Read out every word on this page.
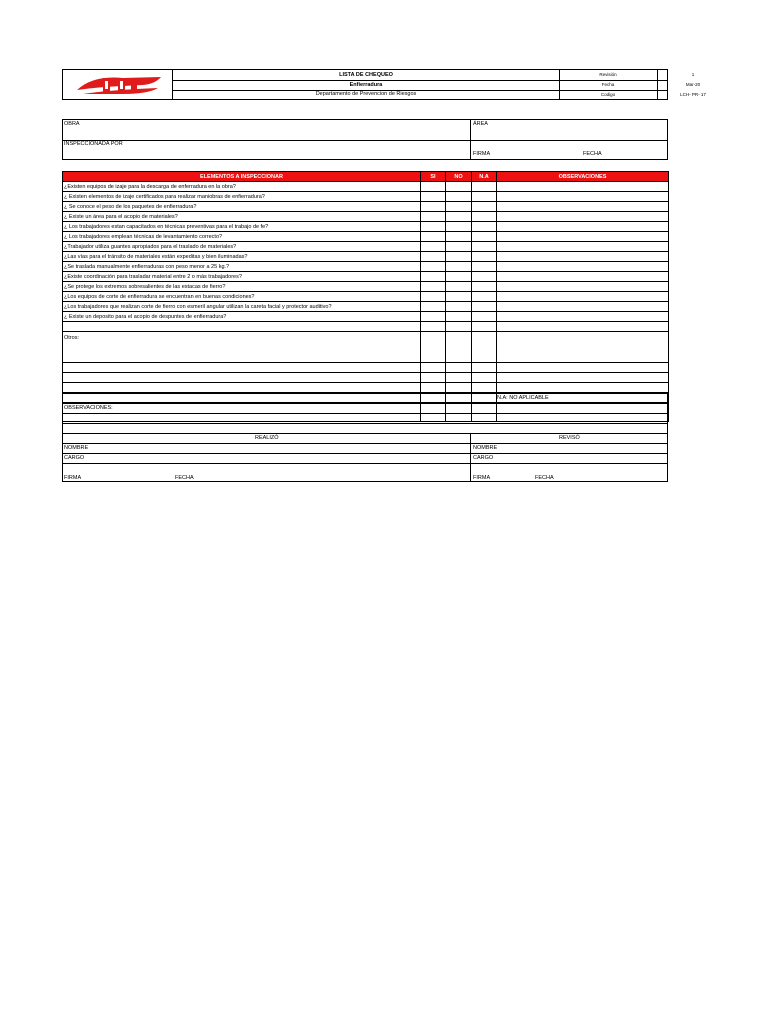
LISTA DE CHEQUEO	Revisión	1
Enfierradura	Fecha	Mar-20
Departamento de Prevencion de Riesgos	Codigo	LCH- PR- 17
OBRA	ÁREA
INSPECCIONADA POR
FIRMA	FECHA
ELEMENTOS A INSPECCIONAR	SI	NO	N.A	OBSERVACIONES
¿Existen equipos de izaje para la descarga de enferradura en la obra?				
¿ Existen elementos de izaje certificados para realizar maniobras de enfierradura?				
¿ Se conoce el peso de los paquetes de enfierradura?				
¿ Existe un área para el acopio de materiales?				
¿ Los trabajadores estan capacitados en técnicas preventivas para el trabajo de fe?				
¿ Los trabajadores emplean técnicas de levantamiento correcto?				
¿Trabajador utiliza guantes apropiados para el traslado de materiales?				
¿Las vías para el tránsito de materiales están expeditas y bien iluminadas?				
¿Se traslada manualmente enfierraduras con peso menor a 25 kg.?				
¿Existe coordinación para trasladar material entre 2 o más trabajadores?				
¿Se protege los extremos sobresalientes de las estacas de fierro?				
¿Los equipos de corte de enfierradura se encuentran en buenas condiciones?				
¿Los trabajadores que realizan corte de fierro con esmeril angular utilizan la careta facial y protector auditivo?				
¿ Existe un deposito para el acopio de despuntes de enfierradura?				

Otros:				

N.A: NO APLICABLE
OBSERVACIONES:
REALIZÓ	REVISÓ
NOMBRE	NOMBRE
CARGO	CARGO
FIRMA	FECHA	FIRMA	FECHA
